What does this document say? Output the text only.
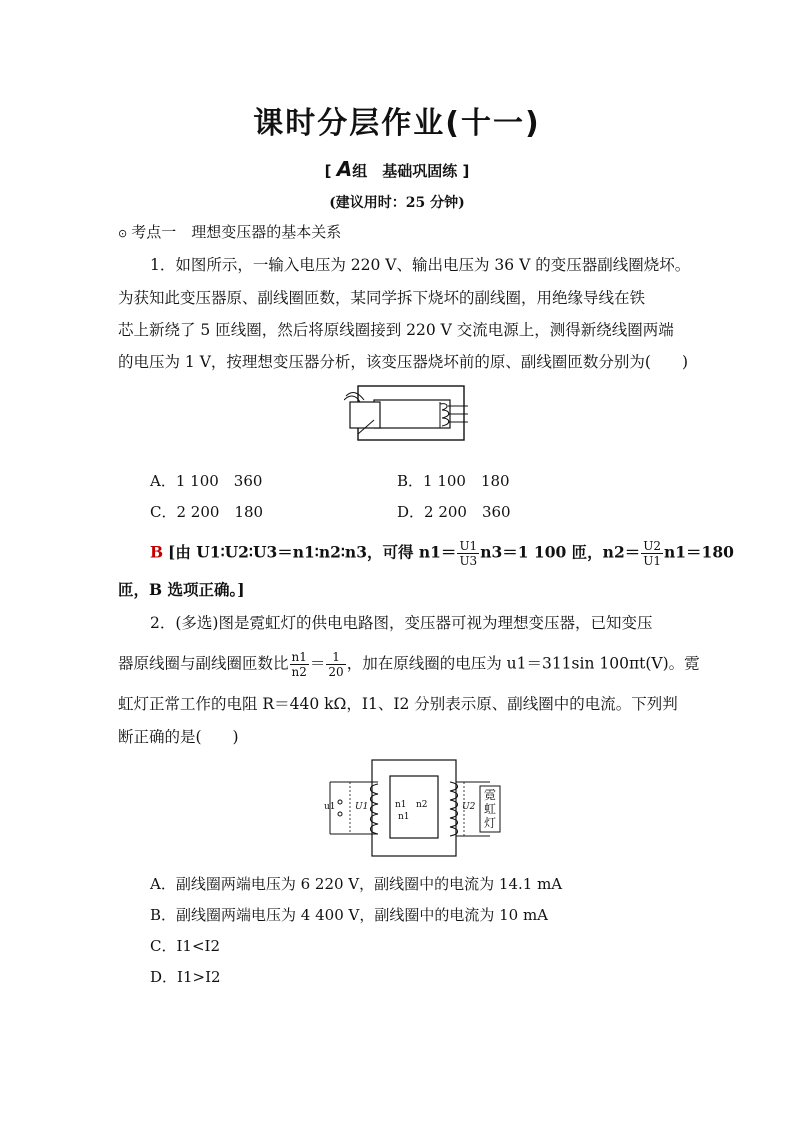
课时分层作业(十一)
[ A组　基础巩固练 ]
(建议用时：25 分钟)
⊙ 考点一　理想变压器的基本关系
1．如图所示，一输入电压为 220 V、输出电压为 36 V 的变压器副线圈烧坏。
为获知此变压器原、副线圈匝数，某同学拆下烧坏的副线圈，用绝缘导线在铁
芯上新绕了 5 匝线圈，然后将原线圈接到 220 V 交流电源上，测得新绕线圈两端
的电压为 1 V，按理想变压器分析，该变压器烧坏前的原、副线圈匝数分别为(　　)
A．1 100　360	B．1 100　180
C．2 200　180	D．2 200　360
B [由 U1∶U2∶U3＝n1∶n2∶n3，可得 $n1= \frac{U1}{U3} n3=1$ 100 匝，$n2= \frac{U2}{U1} n1=180$
匝，B 选项正确。]
2．(多选)图是霓虹灯的供电电路图，变压器可视为理想变压器，已知变压
器原线圈与副线圈匝数比 $\frac{n1}{n2} = \frac{1}{20}$ ，加在原线圈的电压为 u1＝311sin 100πt(V)。霓
虹灯正常工作的电阻 R＝440 kΩ，I1、I2 分别表示原、副线圈中的电流。下列判
断正确的是(　　)
u1 U1	n1
n1
n2	U2
霓虹灯
A．副线圈两端电压为 6 220 V，副线圈中的电流为 14.1 mA
B．副线圈两端电压为 4 400 V，副线圈中的电流为 10 mA
C．I1<I2
D．I1>I2
